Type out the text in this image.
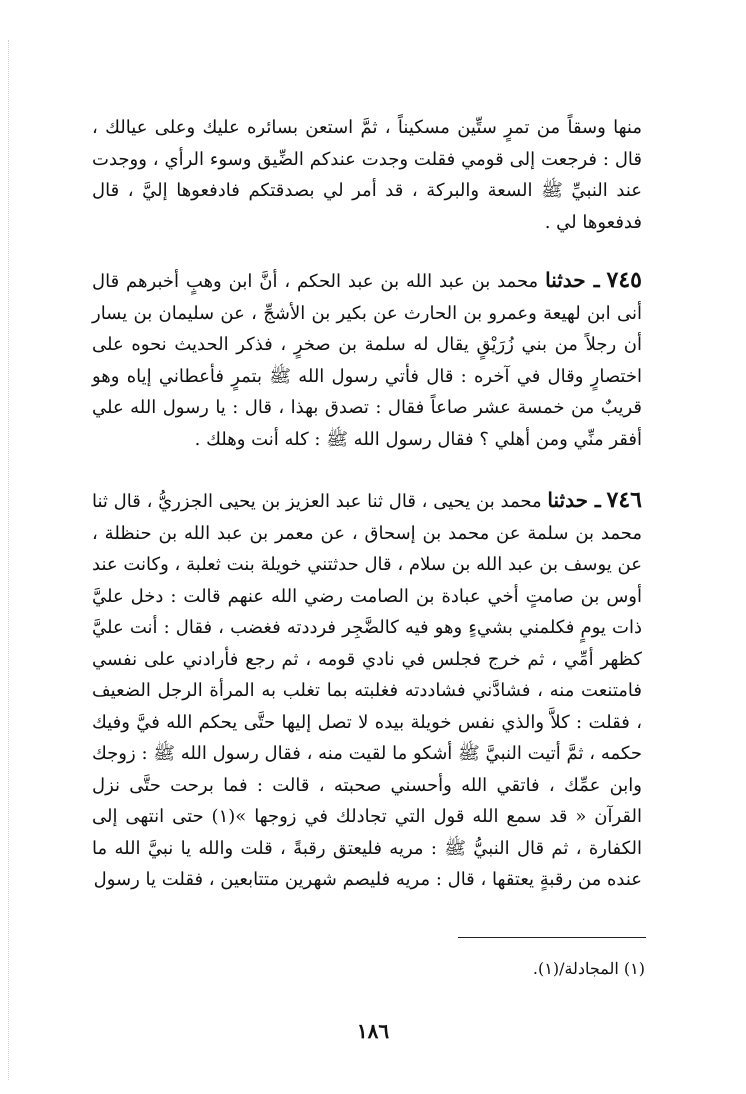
منها وسقاً من تمرٍ ستِّين مسكيناً ، ثمَّ استعن بسائره عليك وعلى عيالك ، قال : فرجعت إلى قومي فقلت وجدت عندكم الضِّيق وسوء الرأي ، ووجدت عند النبيِّ ﷺ السعة والبركة ، قد أمر لي بصدقتكم فادفعوها إليَّ ، قال فدفعوها لي .

٧٤٥ ـ حدثنا محمد بن عبد الله بن عبد الحكم ، أنَّ ابن وهبٍ أخبرهم قال أنى ابن لهيعة وعمرو بن الحارث عن بكير بن الأشجِّ ، عن سليمان بن يسار أن رجلاً من بني زُرَيْقٍ يقال له سلمة بن صخرٍ ، فذكر الحديث نحوه على اختصارٍ وقال في آخره : قال فأتي رسول الله ﷺ بتمرٍ فأعطاني إياه وهو قريبٌ من خمسة عشر صاعاً فقال : تصدق بهذا ، قال : يا رسول الله علي أفقر منِّي ومن أهلي ؟ فقال رسول الله ﷺ : كله أنت وهلك .

٧٤٦ ـ حدثنا محمد بن يحيى ، قال ثنا عبد العزيز بن يحيى الجزريُّ ، قال ثنا محمد بن سلمة عن محمد بن إسحاق ، عن معمر بن عبد الله بن حنظلة ، عن يوسف بن عبد الله بن سلام ، قال حدثتني خويلة بنت ثعلبة ، وكانت عند أوس بن صامتٍ أخي عبادة بن الصامت رضي الله عنهم قالت : دخل عليَّ ذات يومٍ فكلمني بشيءٍ وهو فيه كالضَّجِر فرددته فغضب ، فقال : أنت عليَّ كظهر أمِّي ، ثم خرج فجلس في نادي قومه ، ثم رجع فأرادني على نفسي فامتنعت منه ، فشادَّني فشاددته فغلبته بما تغلب به المرأة الرجل الضعيف ، فقلت : كلاَّ والذي نفس خويلة بيده لا تصل إليها حتَّى يحكم الله فيَّ وفيك حكمه ، ثمَّ أتيت النبيَّ ﷺ أشكو ما لقيت منه ، فقال رسول الله ﷺ : زوجك وابن عمِّك ، فاتقي الله وأحسني صحبته ، قالت : فما برحت حتَّى نزل القرآن « قد سمع الله قول التي تجادلك في زوجها »(١) حتى انتهى إلى الكفارة ، ثم قال النبيُّ ﷺ : مريه فليعتق رقبةً ، قلت والله يا نبيَّ الله ما عنده من رقبةٍ يعتقها ، قال : مريه فليصم شهرين متتابعين ، فقلت يا رسول

(١) المجادلة/(١).
١٨٦
